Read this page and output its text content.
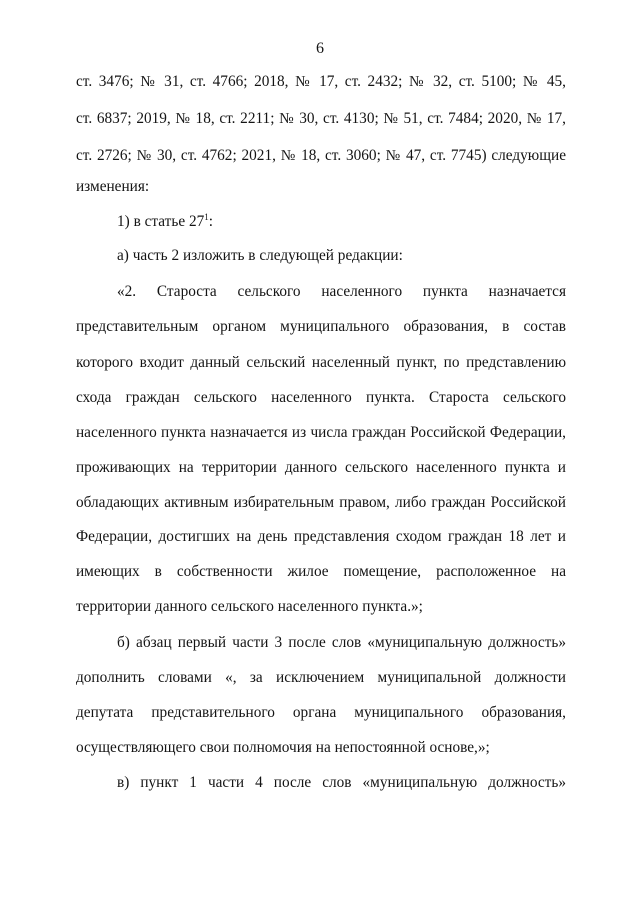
6
ст. 3476; № 31, ст. 4766; 2018, № 17, ст. 2432; № 32, ст. 5100; № 45,
ст. 6837; 2019, № 18, ст. 2211; № 30, ст. 4130; № 51, ст. 7484; 2020, № 17,
ст. 2726; № 30, ст. 4762; 2021, № 18, ст. 3060; № 47, ст. 7745) следующие
изменения:
1) в статье $27^1$:
а) часть 2 изложить в следующей редакции:
«2. Староста сельского населенного пункта назначается
представительным органом муниципального образования, в состав
которого входит данный сельский населенный пункт, по представлению
схода граждан сельского населенного пункта. Староста сельского
населенного пункта назначается из числа граждан Российской Федерации,
проживающих на территории данного сельского населенного пункта и
обладающих активным избирательным правом, либо граждан Российской
Федерации, достигших на день представления сходом граждан 18 лет и
имеющих в собственности жилое помещение, расположенное на
территории данного сельского населенного пункта.»;
б) абзац первый части 3 после слов «муниципальную должность»
дополнить словами «, за исключением муниципальной должности
депутата представительного органа муниципального образования,
осуществляющего свои полномочия на непостоянной основе,»;
в) пункт 1 части 4 после слов «муниципальную должность»
